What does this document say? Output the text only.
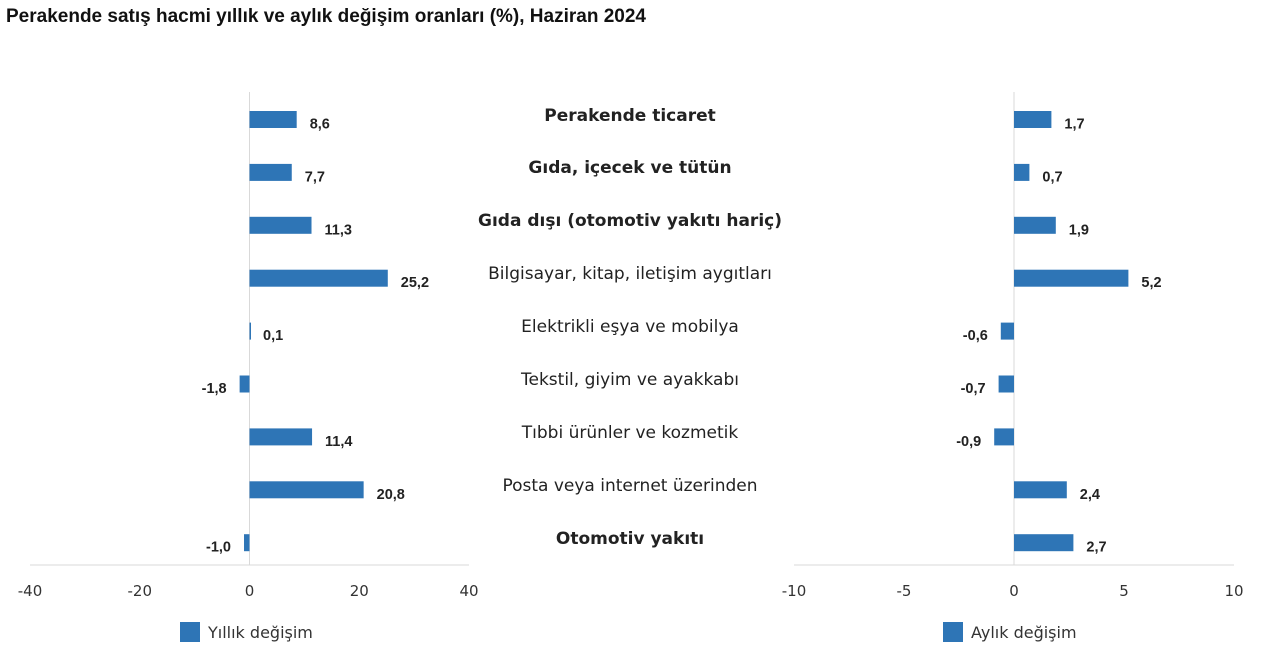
Perakende satış hacmi yıllık ve aylık değişim oranları (%), Haziran 2024
-40	-20	0	20	40
8,6
7,7
11,3
25,2
0,1
-1,8
11,4
20,8
-1,0
-10	-5	0	5	10
1,7
0,7
1,9
5,2
-0,6
-0,7
-0,9
2,4
2,7
Perakende ticaret
Gıda, içecek ve tütün
Gıda dışı (otomotiv yakıtı hariç)
Bilgisayar, kitap, iletişim aygıtları
Elektrikli eşya ve mobilya
Tekstil, giyim ve ayakkabı
Tıbbi ürünler ve kozmetik
Posta veya internet üzerinden
Otomotiv yakıtı
Yıllık değişim	Aylık değişim
